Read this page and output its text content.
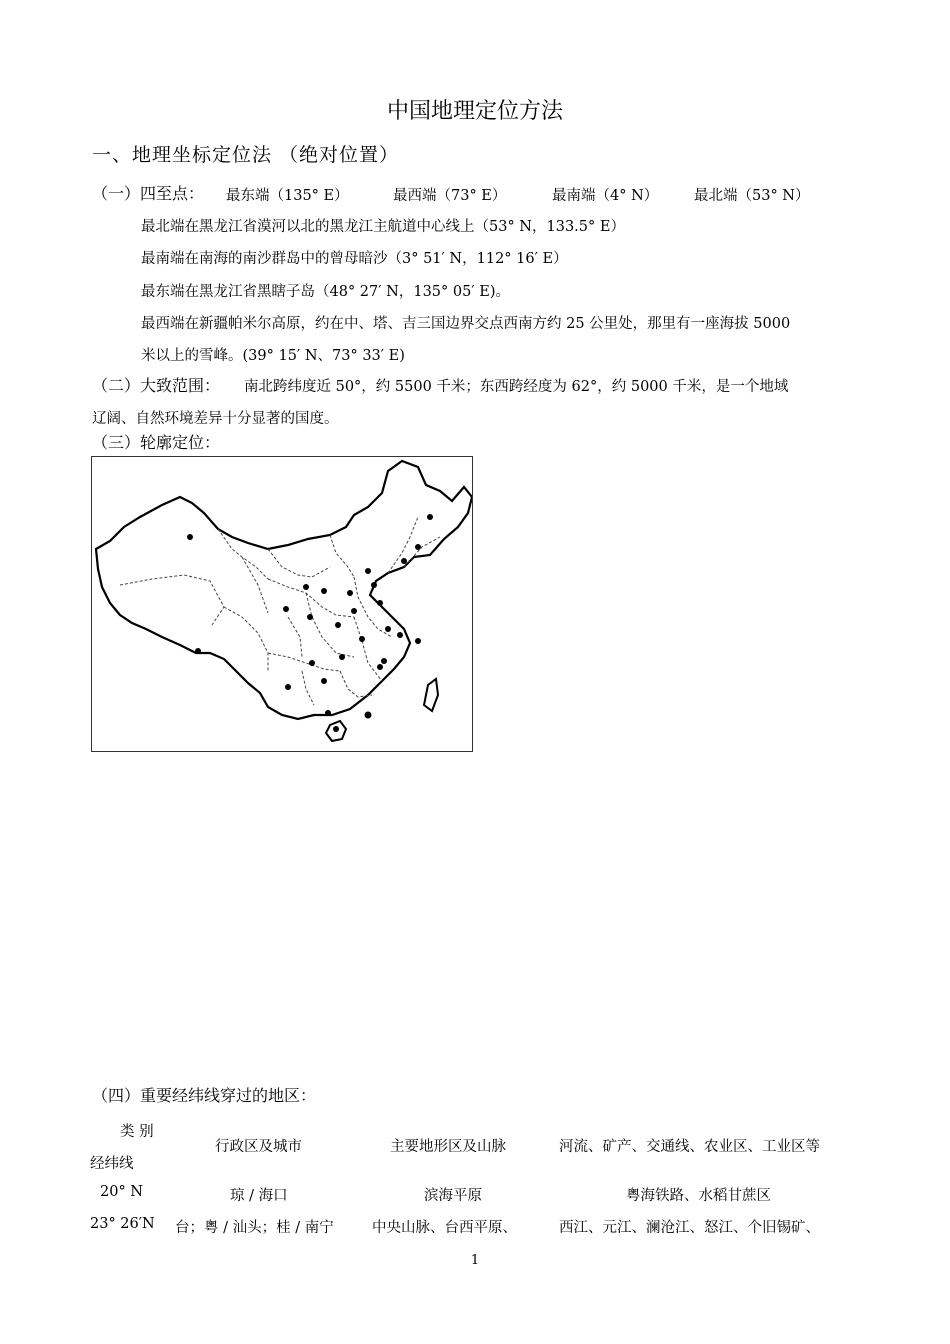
中国地理定位方法
一、地理坐标定位法 （绝对位置）
（一）四至点： 最东端（135° E）	最西端（73° E）	最南端（4° N） 最北端（53° N）
最北端在黑龙江省漠河以北的黑龙江主航道中心线上（53° N，133.5° E）
最南端在南海的南沙群岛中的曾母暗沙（3° 51′ N，112° 16′ E）
最东端在黑龙江省黑瞎子岛（48° 27′ N，135° 05′ E)。
最西端在新疆帕米尔高原，约在中、塔、吉三国边界交点西南方约 25 公里处，那里有一座海拔 5000
米以上的雪峰。(39° 15′ N、73° 33′ E)
（二）大致范围： 南北跨纬度近 50°，约 5500 千米；东西跨经度为 62°，约 5000 千米，是一个地域
辽阔、自然环境差异十分显著的国度。
（三）轮廓定位：
（四）重要经纬线穿过的地区：
类 别
经纬线
行政区及城市	主要地形区及山脉	河流、矿产、交通线、农业区、工业区等
20° N	琼 / 海口	滨海平原	粤海铁路、水稻甘蔗区
23° 26′N 台；粤 / 汕头；桂 / 南宁	中央山脉、台西平原、	西江、元江、澜沧江、怒江、个旧锡矿、
1
